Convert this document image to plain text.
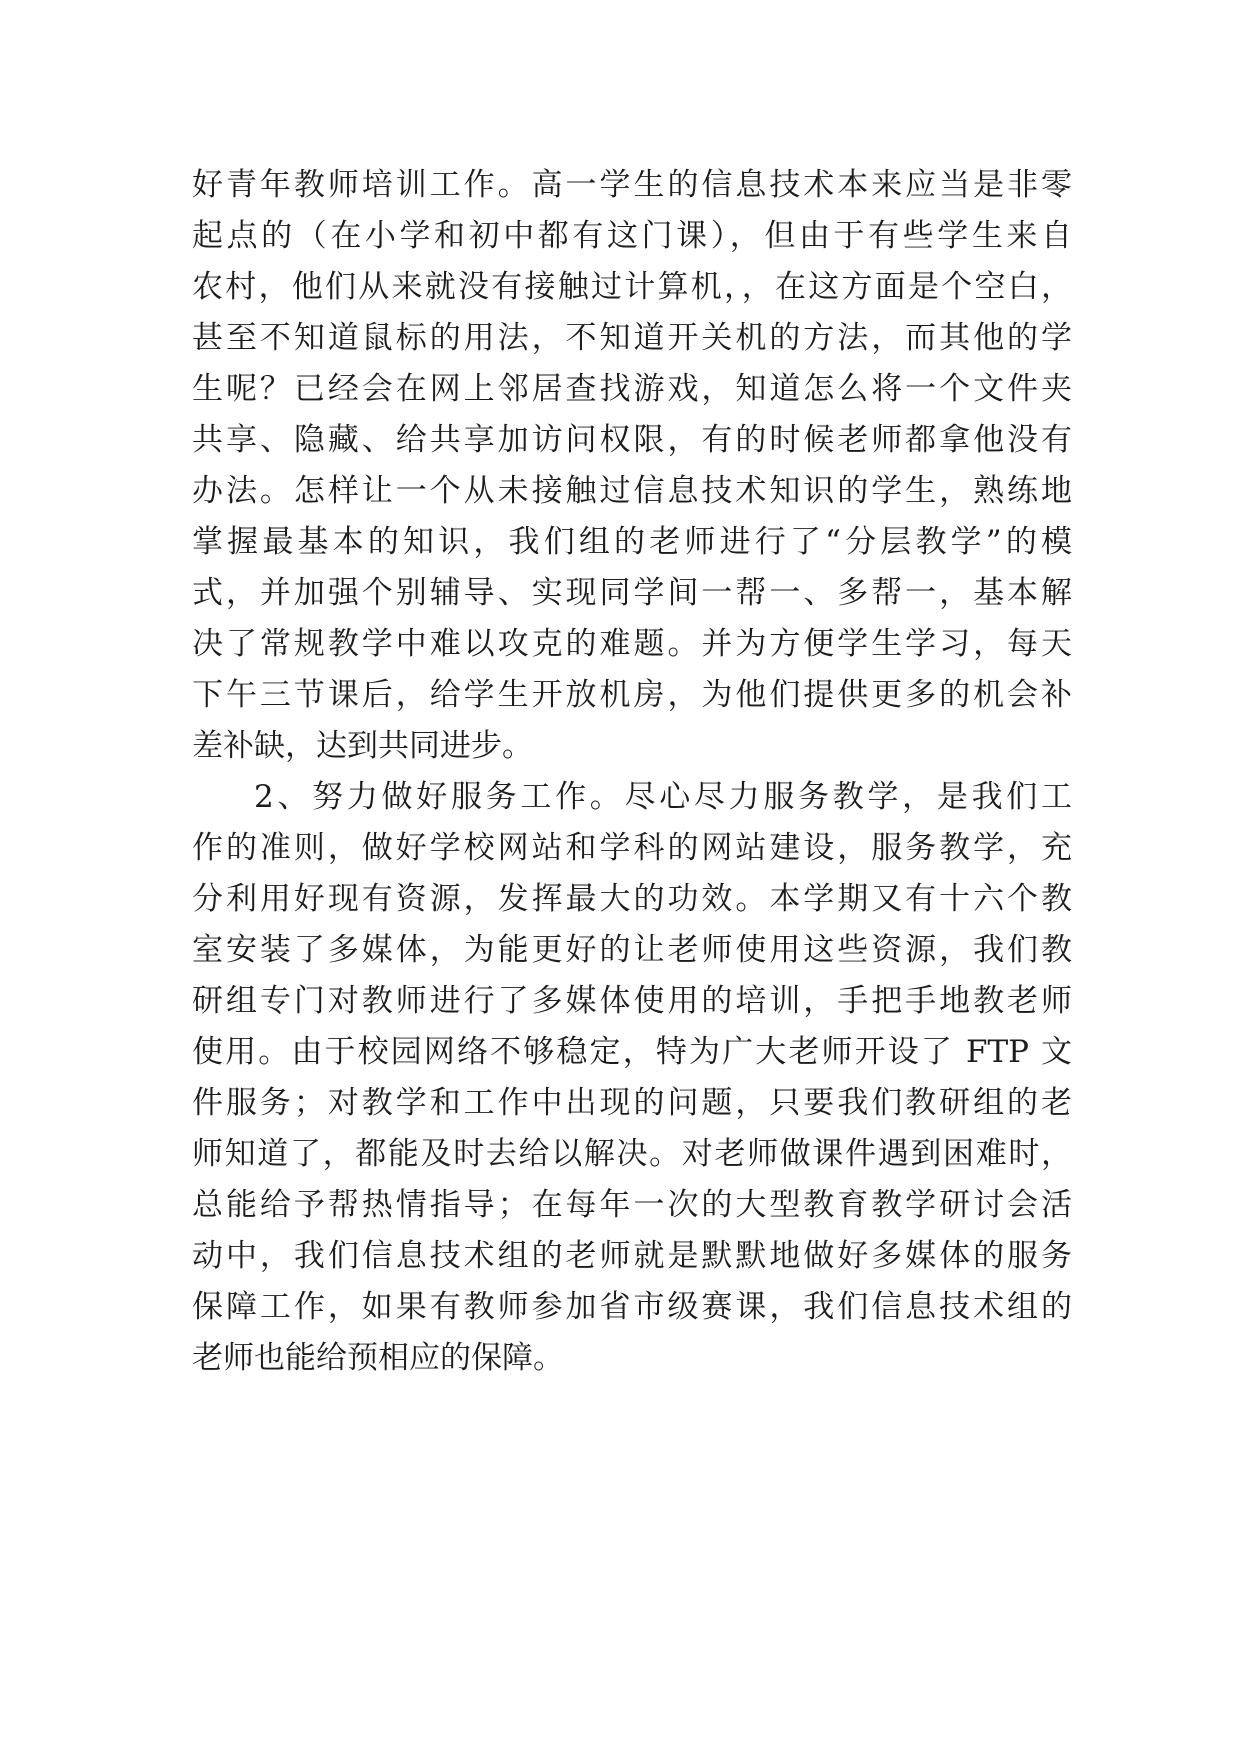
好青年教师培训工作。高一学生的信息技术本来应当是非零
起点的（在小学和初中都有这门课），但由于有些学生来自
农村，他们从来就没有接触过计算机，，在这方面是个空白，
甚至不知道鼠标的用法，不知道开关机的方法，而其他的学
生呢？已经会在网上邻居查找游戏，知道怎么将一个文件夹
共享、隐藏、给共享加访问权限，有的时候老师都拿他没有
办法。怎样让一个从未接触过信息技术知识的学生，熟练地
掌握最基本的知识，我们组的老师进行了“分层教学”的模
式，并加强个别辅导、实现同学间一帮一、多帮一，基本解
决了常规教学中难以攻克的难题。并为方便学生学习，每天
下午三节课后，给学生开放机房，为他们提供更多的机会补
差补缺，达到共同进步。
2、努力做好服务工作。尽心尽力服务教学，是我们工
作的准则，做好学校网站和学科的网站建设，服务教学，充
分利用好现有资源，发挥最大的功效。本学期又有十六个教
室安装了多媒体，为能更好的让老师使用这些资源，我们教
研组专门对教师进行了多媒体使用的培训，手把手地教老师
使用。由于校园网络不够稳定，特为广大老师开设了 FTP 文
件服务；对教学和工作中出现的问题，只要我们教研组的老
师知道了，都能及时去给以解决。对老师做课件遇到困难时，
总能给予帮热情指导；在每年一次的大型教育教学研讨会活
动中，我们信息技术组的老师就是默默地做好多媒体的服务
保障工作，如果有教师参加省市级赛课，我们信息技术组的
老师也能给预相应的保障。
